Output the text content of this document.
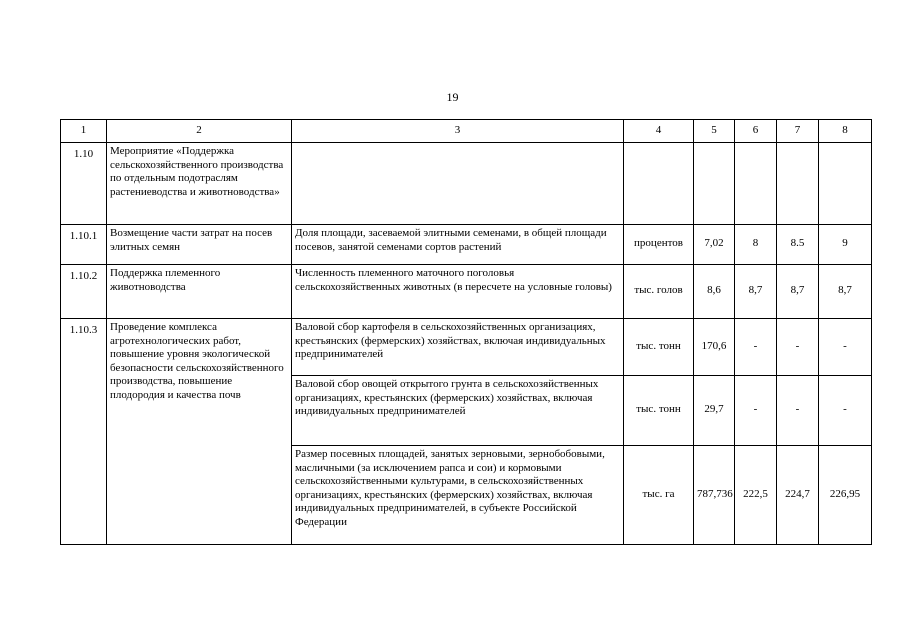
19
1	2	3	4	5	6	7	8
1.10	Мероприятие «Поддержка сельскохозяйственного производства по отдельным подотраслям растениеводства и животноводства»						
1.10.1	Возмещение части затрат на посев элитных семян	Доля площади, засеваемой элитными семенами, в общей площади посевов, занятой семенами сортов растений	процентов	7,02	8	8.5	9
1.10.2	Поддержка племенного животноводства	Численность племенного маточного поголовья сельскохозяйственных животных (в пересчете на условные головы)	тыс. голов	8,6	8,7	8,7	8,7
1.10.3	Проведение комплекса агротехнологических работ, повышение уровня экологической безопасности сельскохозяйственного производства, повышение плодородия и качества почв	Валовой сбор картофеля в сельскохозяйственных организациях, крестьянских (фермерских) хозяйствах, включая индивидуальных предпринимателей	тыс. тонн	170,6	-	-	-
		Валовой сбор овощей открытого грунта в сельскохозяйственных организациях, крестьянских (фермерских) хозяйствах, включая индивидуальных предпринимателей	тыс. тонн	29,7	-	-	-
		Размер посевных площадей, занятых зерновыми, зернобобовыми, масличными (за исключением рапса и сои) и кормовыми сельскохозяйственными культурами, в сельскохозяйственных организациях, крестьянских (фермерских) хозяйствах, включая индивидуальных предпринимателей, в субъекте Российской Федерации	тыс. га	787,736	222,5	224,7	226,95
